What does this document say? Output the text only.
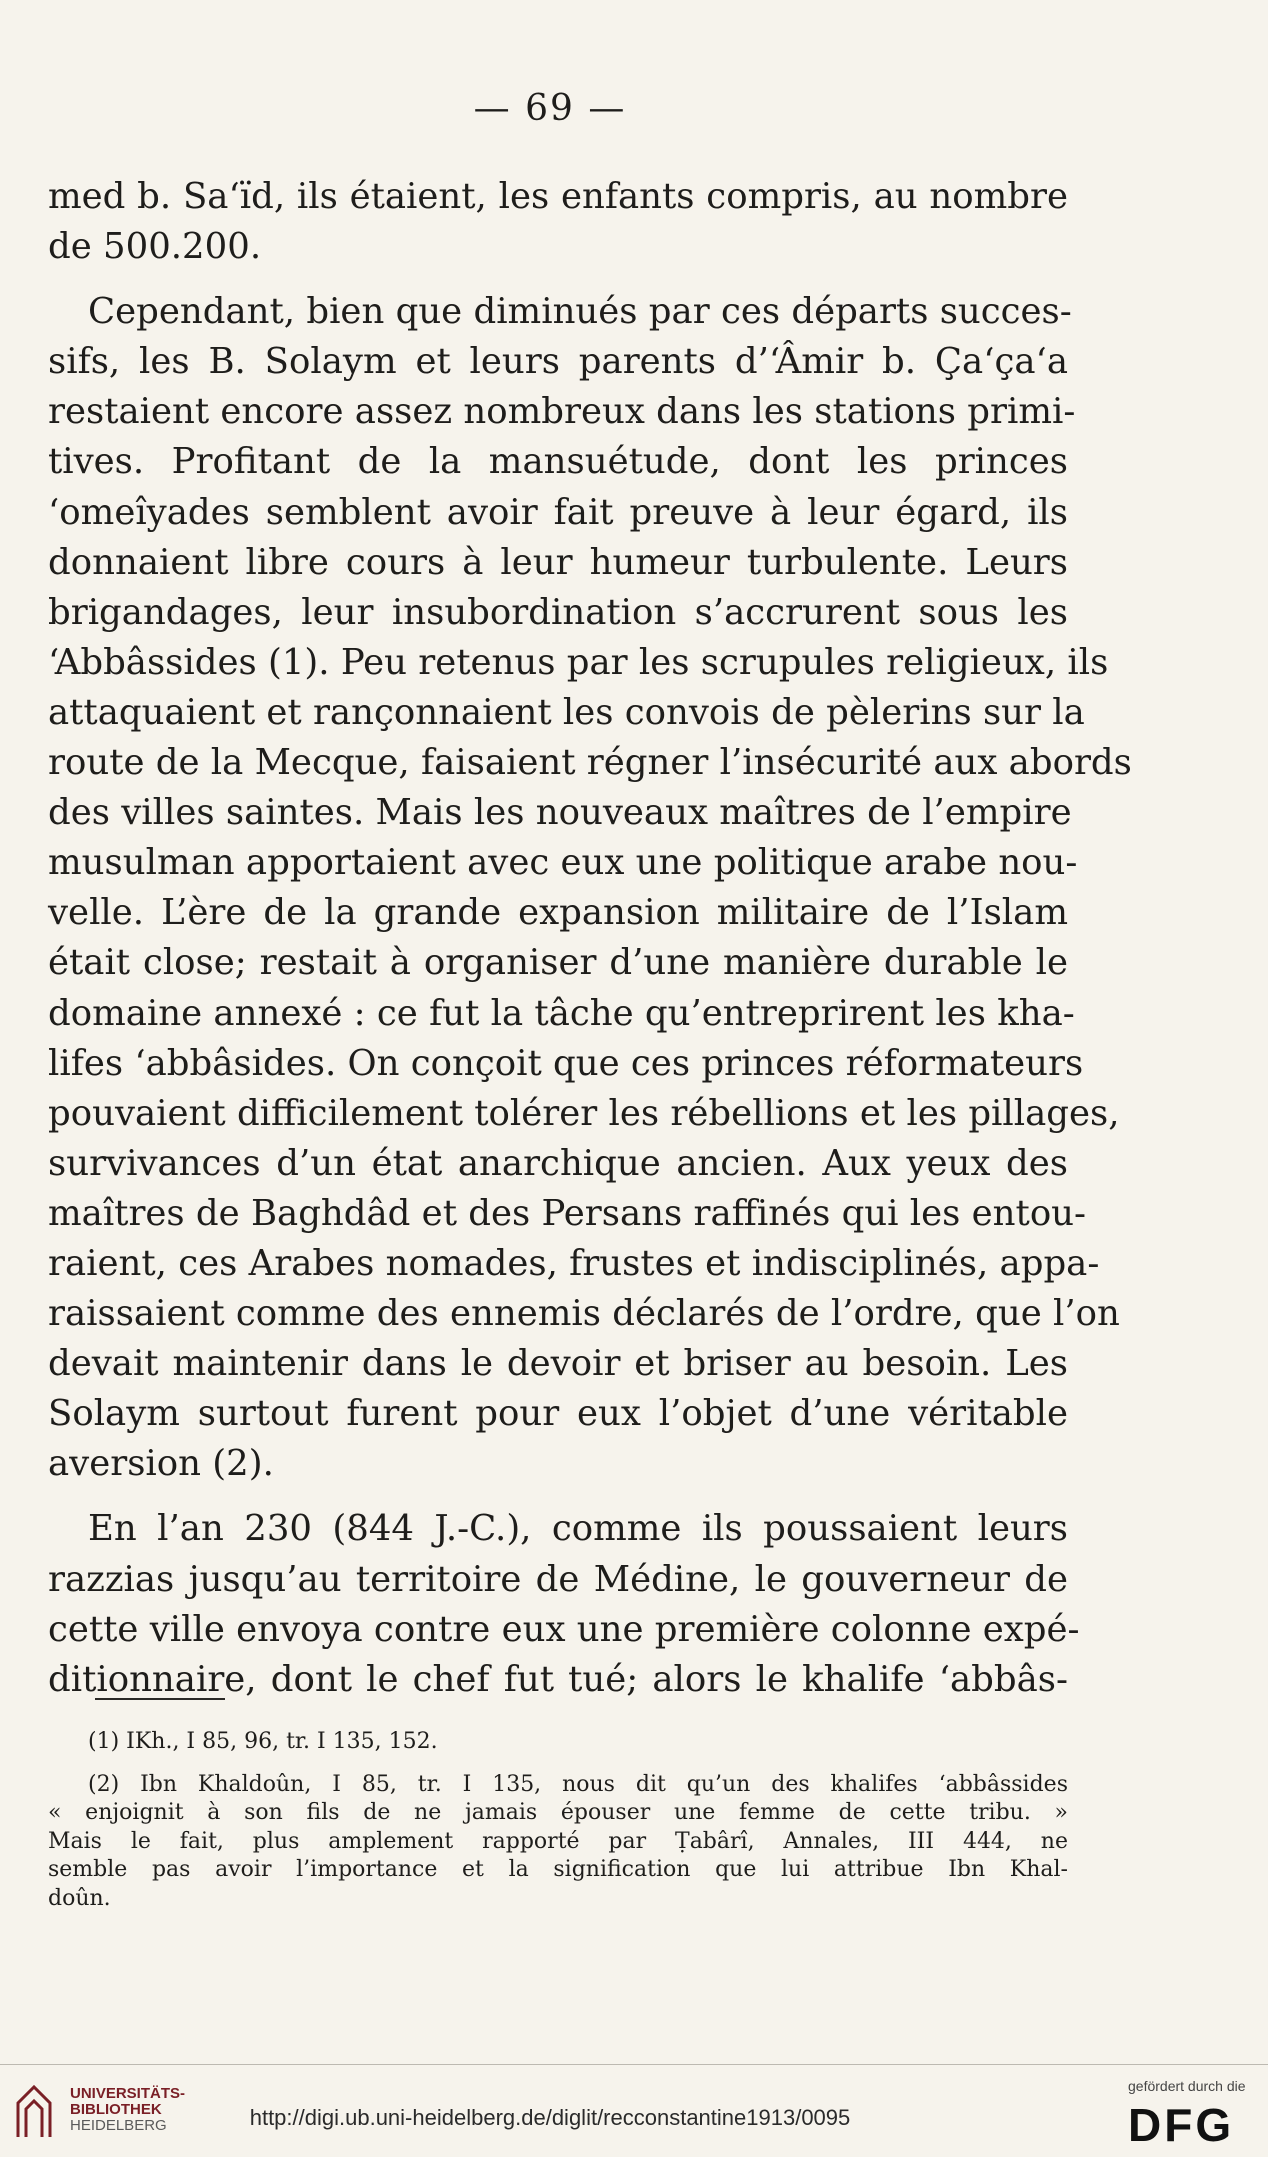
— 69 —
med b. Sa‘ïd, ils étaient, les enfants compris, au nombre
de 500.200.
Cependant, bien que diminués par ces départs succes-
sifs, les B. Solaym et leurs parents d’‘Âmir b. Ça‘ça‘a
restaient encore assez nombreux dans les stations primi-
tives. Profitant de la mansuétude, dont les princes
‘omeîyades semblent avoir fait preuve à leur égard, ils
donnaient libre cours à leur humeur turbulente. Leurs
brigandages, leur insubordination s’accrurent sous les
‘Abbâssides (1). Peu retenus par les scrupules religieux, ils
attaquaient et rançonnaient les convois de pèlerins sur la
route de la Mecque, faisaient régner l’insécurité aux abords
des villes saintes. Mais les nouveaux maîtres de l’empire
musulman apportaient avec eux une politique arabe nou-
velle. L’ère de la grande expansion militaire de l’Islam
était close; restait à organiser d’une manière durable le
domaine annexé : ce fut la tâche qu’entreprirent les kha-
lifes ‘abbâsides. On conçoit que ces princes réformateurs
pouvaient difficilement tolérer les rébellions et les pillages,
survivances d’un état anarchique ancien. Aux yeux des
maîtres de Baghdâd et des Persans raffinés qui les entou-
raient, ces Arabes nomades, frustes et indisciplinés, appa-
raissaient comme des ennemis déclarés de l’ordre, que l’on
devait maintenir dans le devoir et briser au besoin. Les
Solaym surtout furent pour eux l’objet d’une véritable
aversion (2).
En l’an 230 (844 J.-C.), comme ils poussaient leurs
razzias jusqu’au territoire de Médine, le gouverneur de
cette ville envoya contre eux une première colonne expé-
ditionnaire, dont le chef fut tué; alors le khalife ‘abbâs-
(1) IKh., I 85, 96, tr. I 135, 152.
(2) Ibn Khaldoûn, I 85, tr. I 135, nous dit qu’un des khalifes ‘abbâssides
« enjoignit à son fils de ne jamais épouser une femme de cette tribu. »
Mais le fait, plus amplement rapporté par Ṭabârî, Annales, III 444, ne
semble pas avoir l’importance et la signification que lui attribue Ibn Khal-
doûn.
UNIVERSITÄTS-
BIBLIOTHEK
HEIDELBERG	http://digi.ub.uni-heidelberg.de/diglit/recconstantine1913/0095
gefördert durch die
DFG
